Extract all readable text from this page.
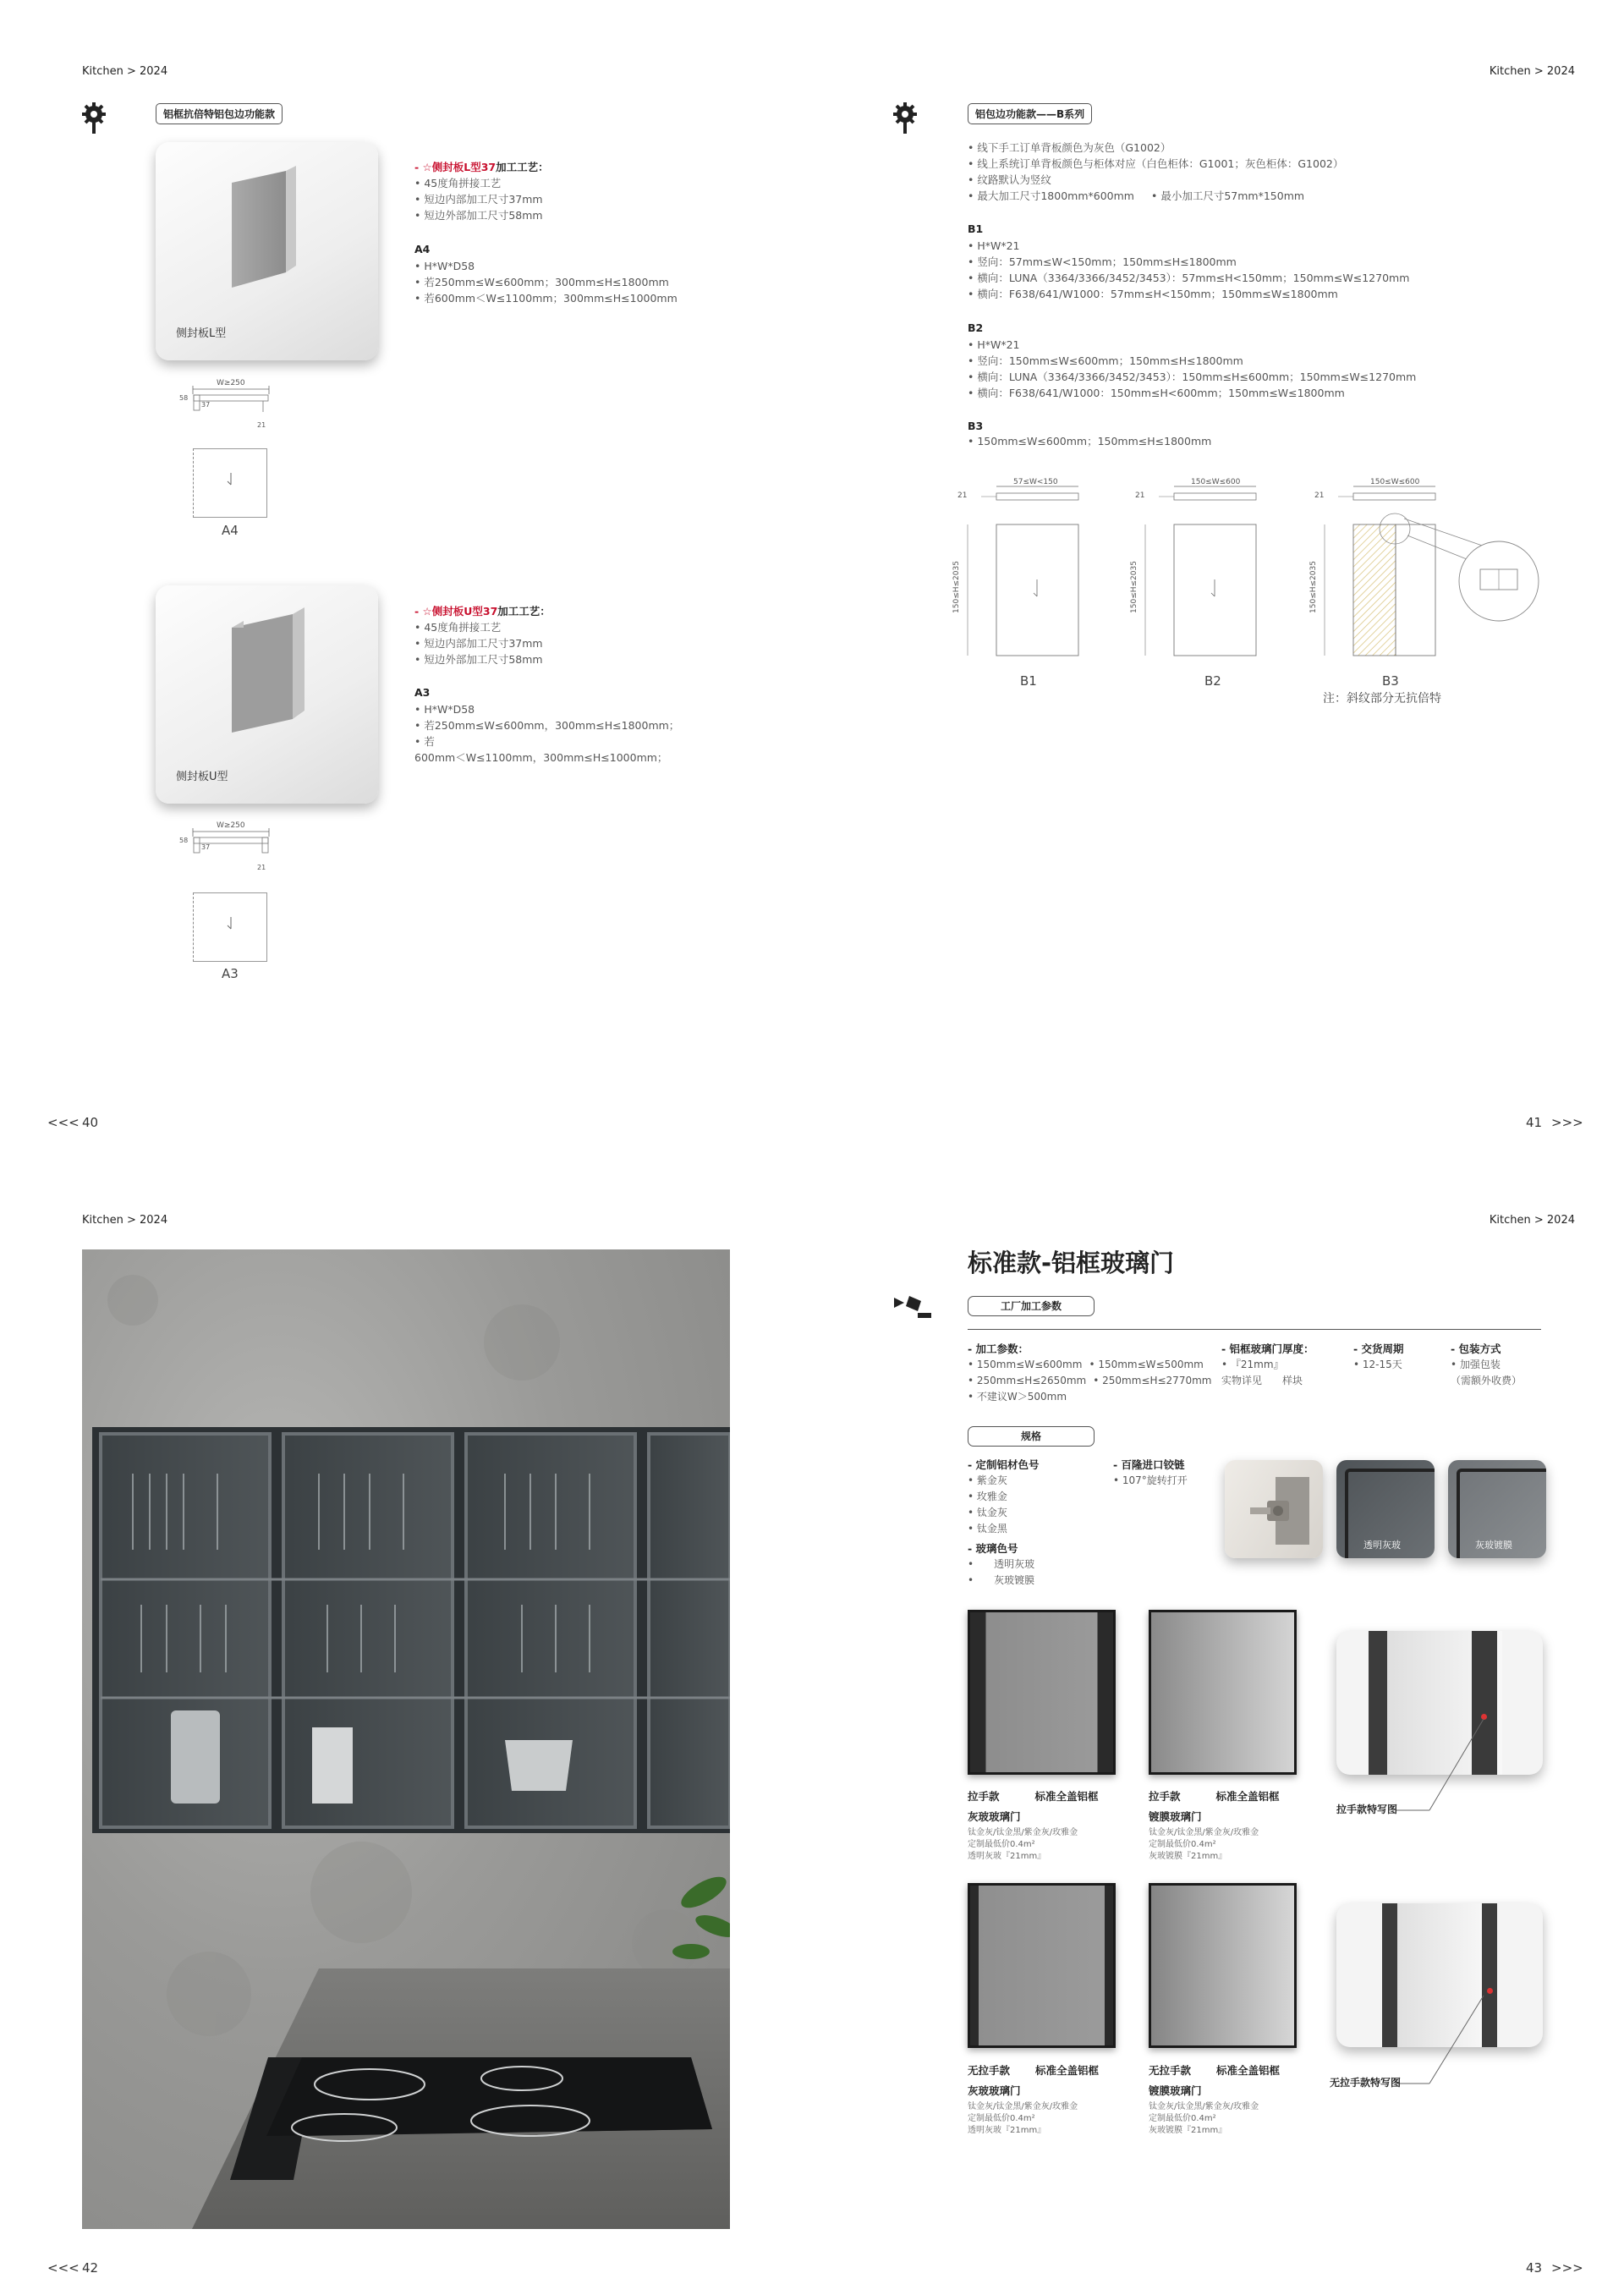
Kitchen > 2024
铝框抗倍特铝包边功能款
侧封板L型
- ☆侧封板L型37加工工艺：
• 45度角拼接工艺
• 短边内部加工尺寸37mm
• 短边外部加工尺寸58mm
A4
• H*W*D58
• 若250mm≤W≤600mm；300mm≤H≤1800mm
• 若600mm＜W≤1100mm；300mm≤H≤1000mm
W≥250
58
37
21
A4
侧封板U型
- ☆侧封板U型37加工工艺：
• 45度角拼接工艺
• 短边内部加工尺寸37mm
• 短边外部加工尺寸58mm
A3
• H*W*D58
• 若250mm≤W≤600mm，300mm≤H≤1800mm；
• 若
600mm＜W≤1100mm，300mm≤H≤1000mm；
W≥250
58
37
21
A3
<<< 40
Kitchen > 2024
铝包边功能款——B系列
• 线下手工订单背板颜色为灰色（G1002）
• 线上系统订单背板颜色与柜体对应（白色柜体：G1001；灰色柜体：G1002）
• 纹路默认为竖纹
• 最大加工尺寸1800mm*600mm • 最小加工尺寸57mm*150mm
B1
• H*W*21
• 竖向：57mm≤W<150mm；150mm≤H≤1800mm
• 横向：LUNA（3364/3366/3452/3453）：57mm≤H<150mm；150mm≤W≤1270mm
• 横向：F638/641/W1000：57mm≤H<150mm；150mm≤W≤1800mm
B2
• H*W*21
• 竖向：150mm≤W≤600mm；150mm≤H≤1800mm
• 横向：LUNA（3364/3366/3452/3453）：150mm≤H≤600mm；150mm≤W≤1270mm
• 横向：F638/641/W1000：150mm≤H<600mm；150mm≤W≤1800mm
B3
• 150mm≤W≤600mm；150mm≤H≤1800mm
57≤W<150
21
150≤H≤2035
B1
150≤W≤600
21
150≤H≤2035
B2
150≤W≤600
21
150≤H≤2035
B3
注：斜纹部分无抗倍特
41 >>>
Kitchen > 2024
<<< 42
Kitchen > 2024
标准款-铝框玻璃门
工厂加工参数
- 加工参数：
• 150mm≤W≤600mm • 150mm≤W≤500mm
• 250mm≤H≤2650mm • 250mm≤H≤2770mm
• 不建议W＞500mm
- 铝框玻璃门厚度：
• 『21mm』
实物详见　　样块
- 交货周期
• 12-15天
- 包装方式
• 加强包装
（需额外收费）
规格
- 定制铝材色号
• 紫金灰
• 玫雅金
• 钛金灰
• 钛金黑
- 玻璃色号
•　　透明灰玻
•　　灰玻镀膜
- 百隆进口铰链
• 107°旋转打开
透明灰玻	灰玻镀膜
拉手款特写图
拉手款	标准全盖铝框
灰玻玻璃门
钛金灰/钛金黑/紫金灰/玫雅金
定制最低价0.4m²
透明灰玻『21mm』
拉手款	标准全盖铝框
镀膜玻璃门
钛金灰/钛金黑/紫金灰/玫雅金
定制最低价0.4m²
灰玻镀膜『21mm』
无拉手款特写图
无拉手款 标准全盖铝框
灰玻玻璃门
钛金灰/钛金黑/紫金灰/玫雅金
定制最低价0.4m²
透明灰玻『21mm』
无拉手款 标准全盖铝框
镀膜玻璃门
钛金灰/钛金黑/紫金灰/玫雅金
定制最低价0.4m²
灰玻镀膜『21mm』
43 >>>
